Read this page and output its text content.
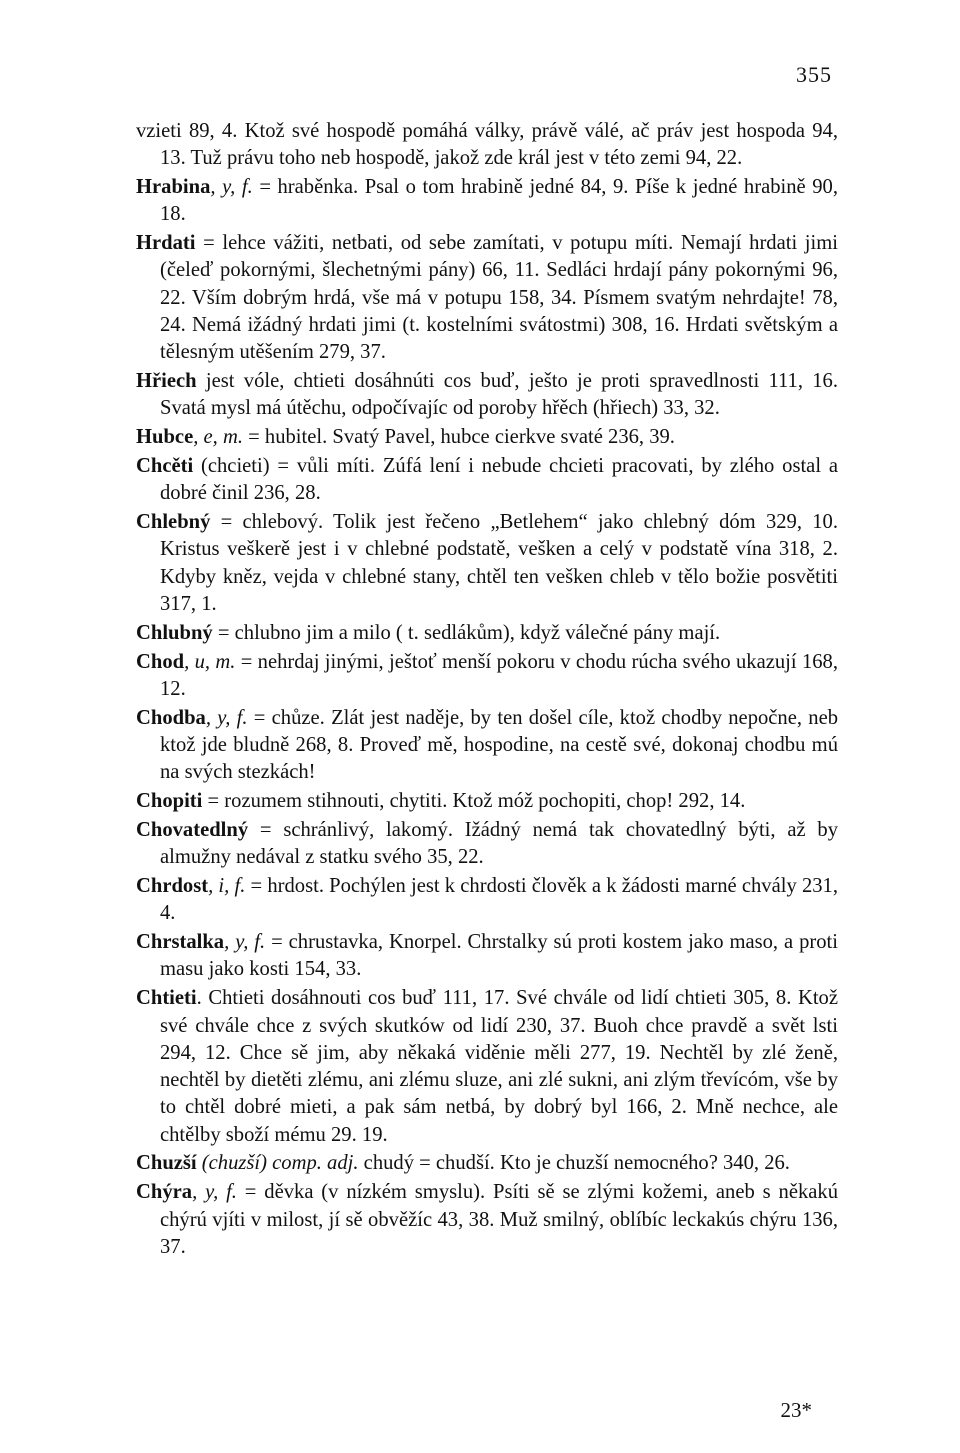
355

vzieti 89, 4. Ktož své hospodě pomáhá války, právě válé, ač práv jest hospoda 94, 13. Tuž právu toho neb hospodě, jakož zde král jest v této zemi 94, 22.

Hrabina, y, f. = hraběnka. Psal o tom hrabině jedné 84, 9. Píše k jedné hrabině 90, 18.

Hrdati = lehce vážiti, netbati, od sebe zamítati, v potupu míti. Nemají hrdati jimi (čeleď pokornými, šlechetnými pány) 66, 11. Sedláci hrdají pány pokornými 96, 22. Vším dobrým hrdá, vše má v potupu 158, 34. Písmem svatým nehrdajte! 78, 24. Nemá ižádný hrdati jimi (t. kostelními svátostmi) 308, 16. Hrdati světským a tělesným utěšením 279, 37.

Hřiech jest vóle, chtieti dosáhnúti cos buď, ješto je proti spravedlnosti 111, 16. Svatá mysl má útěchu, odpočívajíc od poroby hřěch (hřiech) 33, 32.

Hubce, e, m. = hubitel. Svatý Pavel, hubce cierkve svaté 236, 39.

Chcěti (chcieti) = vůli míti. Zúfá lení i nebude chcieti pracovati, by zlého ostal a dobré činil 236, 28.

Chlebný = chlebový. Tolik jest řečeno „Betlehem“ jako chlebný dóm 329, 10. Kristus veškerě jest i v chlebné podstatě, vešken a celý v podstatě vína 318, 2. Kdyby kněz, vejda v chlebné stany, chtěl ten vešken chleb v tělo božie posvětiti 317, 1.

Chlubný = chlubno jim a milo ( t. sedlákům), když válečné pány mají.

Chod, u, m. = nehrdaj jinými, ještoť menší pokoru v chodu rúcha svého ukazují 168, 12.

Chodba, y, f. = chůze. Zlát jest naděje, by ten došel cíle, ktož chodby nepočne, neb ktož jde bludně 268, 8. Proveď mě, hospodine, na cestě své, dokonaj chodbu mú na svých stezkách!

Chopiti = rozumem stihnouti, chytiti. Ktož móž pochopiti, chop! 292, 14.

Chovatedlný = schránlivý, lakomý. Ižádný nemá tak chovatedlný býti, až by almužny nedával z statku svého 35, 22.

Chrdost, i, f. = hrdost. Pochýlen jest k chrdosti člověk a k žádosti marné chvály 231, 4.

Chrstalka, y, f. = chrustavka, Knorpel. Chrstalky sú proti kostem jako maso, a proti masu jako kosti 154, 33.

Chtieti. Chtieti dosáhnouti cos buď 111, 17. Své chvále od lidí chtieti 305, 8. Ktož své chvále chce z svých skutków od lidí 230, 37. Buoh chce pravdě a svět lsti 294, 12. Chce sě jim, aby někaká viděnie měli 277, 19. Nechtěl by zlé ženě, nechtěl by dietěti zlému, ani zlému sluze, ani zlé sukni, ani zlým třevícóm, vše by to chtěl dobré mieti, a pak sám netbá, by dobrý byl 166, 2. Mně nechce, ale chtělby sboží mému 29. 19.

Chuzší (chuzší) comp. adj. chudý = chudší. Kto je chuzší nemocného? 340, 26.

Chýra, y, f. = děvka (v nízkém smyslu). Psíti sě se zlými kožemi, aneb s někakú chýrú vjíti v milost, jí sě obvěžíc 43, 38. Muž smilný, oblíbíc leckakús chýru 136, 37.

23*
